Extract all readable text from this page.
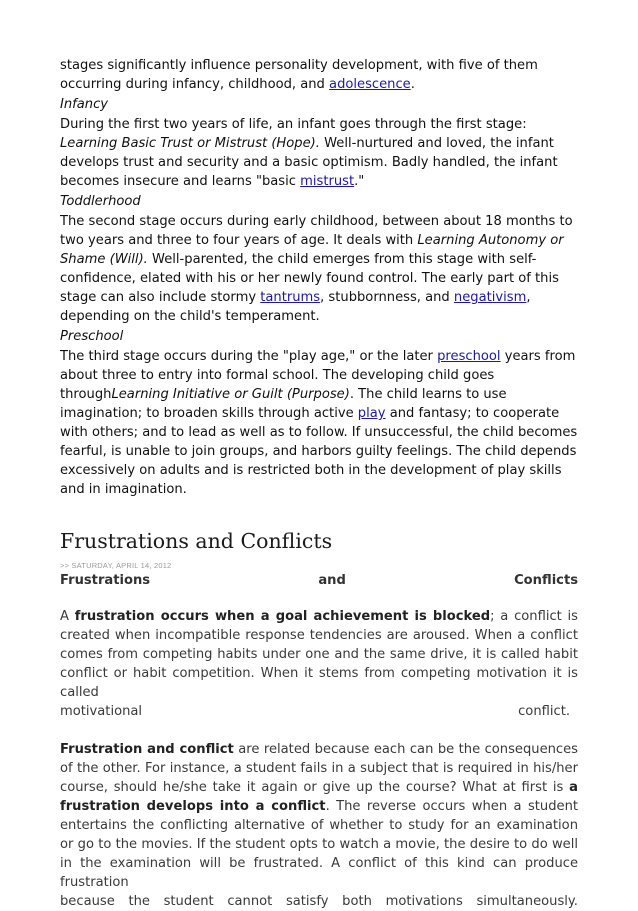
stages significantly influence personality development, with five of them occurring during infancy, childhood, and adolescence.

Infancy

During the first two years of life, an infant goes through the first stage: Learning Basic Trust or Mistrust (Hope). Well-nurtured and loved, the infant develops trust and security and a basic optimism. Badly handled, the infant becomes insecure and learns "basic mistrust."

Toddlerhood

The second stage occurs during early childhood, between about 18 months to two years and three to four years of age. It deals with Learning Autonomy or Shame (Will). Well-parented, the child emerges from this stage with self-confidence, elated with his or her newly found control. The early part of this stage can also include stormy tantrums, stubbornness, and negativism, depending on the child's temperament.

Preschool

The third stage occurs during the "play age," or the later preschool years from about three to entry into formal school. The developing child goes throughLearning Initiative or Guilt (Purpose). The child learns to use imagination; to broaden skills through active play and fantasy; to cooperate with others; and to lead as well as to follow. If unsuccessful, the child becomes fearful, is unable to join groups, and harbors guilty feelings. The child depends excessively on adults and is restricted both in the development of play skills and in imagination.

Frustrations and Conflicts
>> SATURDAY, APRIL 14, 2012
Frustrations	and	Conflicts
A frustration occurs when a goal achievement is blocked; a conflict is created when incompatible response tendencies are aroused. When a conflict comes from competing habits under one and the same drive, it is called habit conflict or habit competition. When it stems from competing motivation it is called
motivational	conflict.
Frustration and conflict are related because each can be the consequences of the other. For instance, a student fails in a subject that is required in his/her course, should he/she take it again or give up the course? What at first is a frustration develops into a conflict. The reverse occurs when a student entertains the conflicting alternative of whether to study for an examination or go to the movies. If the student opts to watch a movie, the desire to do well in the examination will be frustrated. A conflict of this kind can produce frustration
because the student cannot satisfy both motivations simultaneously.
